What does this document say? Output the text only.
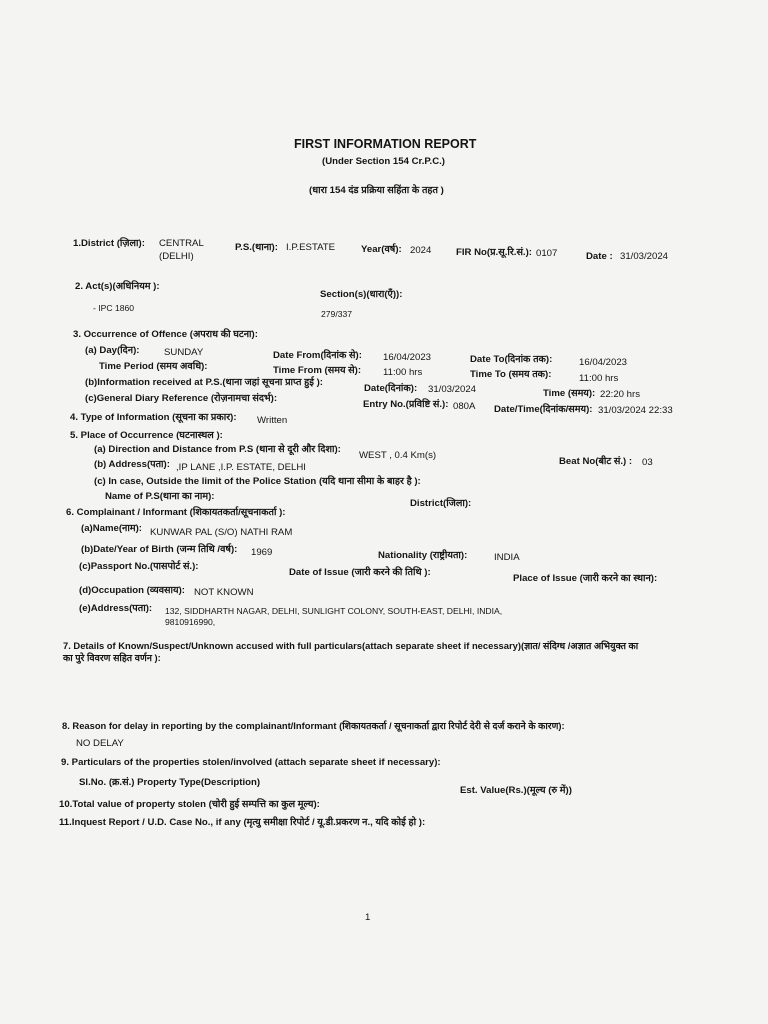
FIRST INFORMATION REPORT
(Under Section 154 Cr.P.C.)
(धारा 154 दंड प्रक्रिया सहिंता के तहत )
1.District (ज़िला): CENTRAL
(DELHI)
P.S.(थाना): I.P.ESTATE	Year(वर्ष): 2024	FIR No(प्र.सू.रि.सं.): 0107	Date : 31/03/2024
2. Act(s)(अधिनियम ):
Section(s)(धारा(एँ)):
- IPC 1860
279/337
3. Occurrence of Offence (अपराध की घटना):
(a) Day(दिन):	SUNDAY	Date From(दिनांक से): 16/04/2023	Date To(दिनांक तक):	16/04/2023
Time Period (समय अवधि):	Time From (समय से): 11:00 hrs	Time To (समय तक):	11:00 hrs
(b)Information received at P.S.(थाना जहां सूचना प्राप्त हुई ):
Date(दिनांक): 31/03/2024	Time (समय): 22:20 hrs
(c)General Diary Reference (रोज़नामचा संदर्भ):
Entry No.(प्रविष्टि सं.): 080A Date/Time(दिनांक/समय): 31/03/2024 22:33
4. Type of Information (सूचना का प्रकार): Written
5. Place of Occurrence (घटनास्थल ):
(a) Direction and Distance from P.S (थाना से दूरी और दिशा):
WEST , 0.4 Km(s)
Beat No(बीट सं.) : 03
(b) Address(पता): ,IP LANE ,I.P. ESTATE, DELHI
(c) In case, Outside the limit of the Police Station (यदि थाना सीमा के बाहर है ):
Name of P.S(थाना का नाम):
District(जिला):
6. Complainant / Informant (शिकायतकर्ता/सूचनाकर्ता ):
(a)Name(नाम): KUNWAR PAL (S/O) NATHI RAM
(b)Date/Year of Birth (जन्म तिथि /वर्ष): 1969	Nationality (राष्ट्रीयता):	INDIA
(c)Passport No.(पासपोर्ट सं.):
Date of Issue (जारी करने की तिथि ):
Place of Issue (जारी करने का स्थान):
(d)Occupation (व्यवसाय): NOT KNOWN
(e)Address(पता): 132, SIDDHARTH NAGAR, DELHI, SUNLIGHT COLONY, SOUTH-EAST, DELHI, INDIA,
9810916990,
7. Details of Known/Suspect/Unknown accused with full particulars(attach separate sheet if necessary)(ज्ञात/ संदिग्ध /अज्ञात अभियुक्त का
का पुरे विवरण सहित वर्णन ):
8. Reason for delay in reporting by the complainant/Informant (शिकायतकर्ता / सूचनाकर्ता द्वारा रिपोर्ट देरी से दर्ज कराने के कारण):
NO DELAY
9. Particulars of the properties stolen/involved (attach separate sheet if necessary):
Sl.No. (क्र.सं.) Property Type(Description)
Est. Value(Rs.)(मूल्य (रु में))
10.Total value of property stolen (चोरी हुई सम्पत्ति का कुल मूल्य):
11.Inquest Report / U.D. Case No., if any (मृत्यु समीक्षा रिपोर्ट / यू.डी.प्रकरण न., यदि कोई हो ):
1
